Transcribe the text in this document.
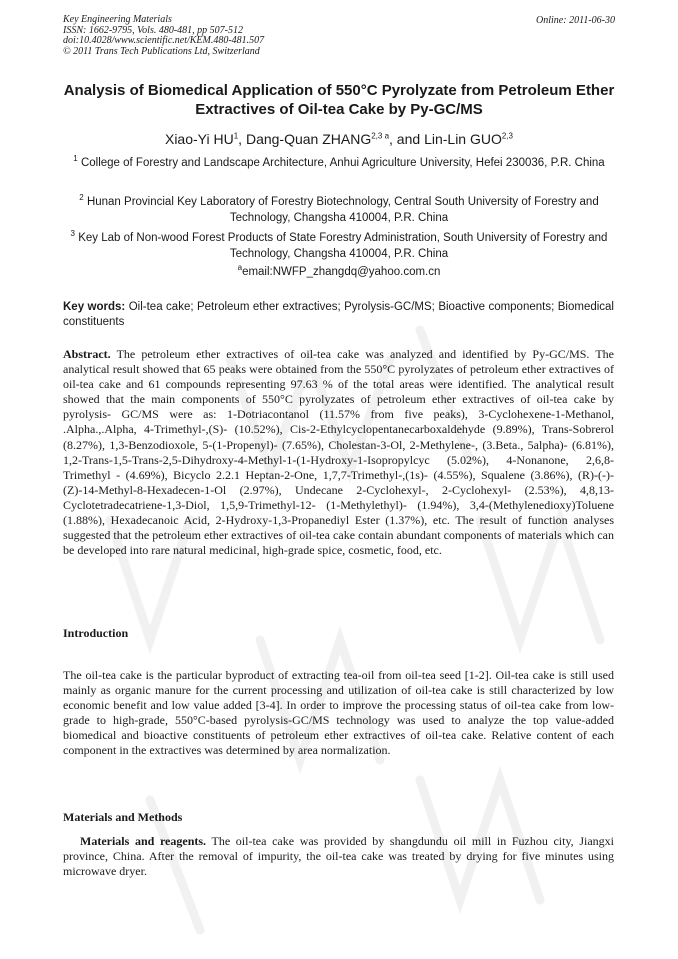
Key Engineering Materials
ISSN: 1662-9795, Vols. 480-481, pp 507-512
doi:10.4028/www.scientific.net/KEM.480-481.507
© 2011 Trans Tech Publications Ltd, Switzerland
Online: 2011-06-30
Analysis of Biomedical Application of 550°C Pyrolyzate from Petroleum Ether Extractives of Oil-tea Cake by Py-GC/MS
Xiao-Yi $HU^1$, Dang-Quan $ZHANG^{2,3 a}$, and Lin-Lin GUO$^{2,3}$
$^1$ College of Forestry and Landscape Architecture, Anhui Agriculture University, Hefei 230036, P.R. China
$^2$ Hunan Provincial Key Laboratory of Forestry Biotechnology, Central South University of Forestry and Technology, Changsha 410004, P.R. China
$^3$ Key Lab of Non-wood Forest Products of State Forestry Administration, South University of Forestry and Technology, Changsha 410004, P.R. China
$^a$email:NWFP_zhangdq@yahoo.com.cn
Key words: Oil-tea cake; Petroleum ether extractives; Pyrolysis-GC/MS; Bioactive components; Biomedical constituents
Abstract. The petroleum ether extractives of oil-tea cake was analyzed and identified by Py-GC/MS. The analytical result showed that 65 peaks were obtained from the 550°C pyrolyzates of petroleum ether extractives of oil-tea cake and 61 compounds representing 97.63 % of the total areas were identified. The analytical result showed that the main components of 550°C pyrolyzates of petroleum ether extractives of oil-tea cake by pyrolysis- GC/MS were as: 1-Dotriacontanol (11.57% from five peaks), 3-Cyclohexene-1-Methanol, .Alpha.,.Alpha, 4-Trimethyl-,(S)- (10.52%), Cis-2-Ethylcyclopentanecarboxaldehyde (9.89%), Trans-Sobrerol (8.27%), 1,3-Benzodioxole, 5-(1-Propenyl)- (7.65%), Cholestan-3-Ol, 2-Methylene-, (3.Beta., 5alpha)- (6.81%), 1,2-Trans-1,5-Trans-2,5-Dihydroxy-4-Methyl-1-(1-Hydroxy-1-Isopropylcyc (5.02%), 4-Nonanone, 2,6,8-Trimethyl - (4.69%), Bicyclo 2.2.1 Heptan-2-One, 1,7,7-Trimethyl-,(1s)- (4.55%), Squalene (3.86%), (R)-(-)-(Z)-14-Methyl-8-Hexadecen-1-Ol (2.97%), Undecane 2-Cyclohexyl-, 2-Cyclohexyl- (2.53%), 4,8,13-Cyclotetradecatriene-1,3-Diol, 1,5,9-Trimethyl-12- (1-Methylethyl)- (1.94%), 3,4-(Methylenedioxy)Toluene (1.88%), Hexadecanoic Acid, 2-Hydroxy-1,3-Propanediyl Ester (1.37%), etc. The result of function analyses suggested that the petroleum ether extractives of oil-tea cake contain abundant components of materials which can be developed into rare natural medicinal, high-grade spice, cosmetic, food, etc.
Introduction
The oil-tea cake is the particular byproduct of extracting tea-oil from oil-tea seed [1-2]. Oil-tea cake is still used mainly as organic manure for the current processing and utilization of oil-tea cake is still characterized by low economic benefit and low value added [3-4]. In order to improve the processing status of oil-tea cake from low-grade to high-grade, 550°C-based pyrolysis-GC/MS technology was used to analyze the top value-added biomedical and bioactive constituents of petroleum ether extractives of oil-tea cake. Relative content of each component in the extractives was determined by area normalization.
Materials and Methods
Materials and reagents. The oil-tea cake was provided by shangdundu oil mill in Fuzhou city, Jiangxi province, China. After the removal of impurity, the oil-tea cake was treated by drying for five minutes using microwave dryer.
